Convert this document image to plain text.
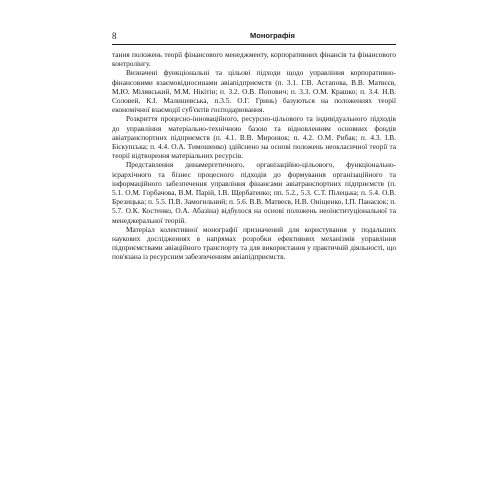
8	Монографія

тання положень теорії фінансового менеджменту, корпоративних фінансів та фінансового контролінгу.

Визначені функціональні та цільові підходи щодо управління корпоративно-фінансовими взаємовідносинами авіапідприємств (п. 3.1. Г.В. Астапова, В.В. Матвєєв, М.Ю. Мілявський, М.М. Нікітін; п. 3.2. О.В. Попович; п. 3.3. О.М. Крашко; п. 3.4. Н.В. Соловей, К.І. Малишевська, п.3.5. О.Г. Гринь) базуються на положеннях теорії економічної взаємодії суб'єктів господарювання.

Розкриття процесно-інноваційного, ресурсно-цільового та індивідуального підходів до управління матеріально-технічною базою та відновленням основних фондів авіатранспортних підприємств (п. 4.1. В.В. Миронюк; п. 4.2. О.М. Рибак; п. 4.3. І.В. Біскупська; п. 4.4. О.А. Тимошенко) здійснено на основі положень неокласичної теорії та теорії відтворення матеріальних ресурсів.

Представлення динамерґетичного, організаційно-цільового, функціонально-ієрархічного та бізнес процесного підходів до формування організаційного та інформаційного забезпечення управління фінансами авіатранспортних підприємств (п. 5.1. О.М. Горбачова, В.М. Парій, І.В. Щербатенко; пп. 5.2., 5.3. С.Т. Пілецька; п. 5.4. О.В. Брезицька; п. 5.5. П.В. Замогильний; п. 5.6. В.В. Матвеєв, Н.В. Оніщенко, І.П. Панасюк; п. 5.7. О.К. Костенко, О.А. Абазіна) відбулося на основі положень неоінституціональної та менеджеральної теорій.

Матеріал колективної монографії призначений для користування у подальших наукових дослідженнях в напрямах розробки ефективних механізмів управління підприємствами авіаційного транспорту та для використання у практичній діяльності, що пов'язана із ресурсним забезпеченням авіапідприємств.
